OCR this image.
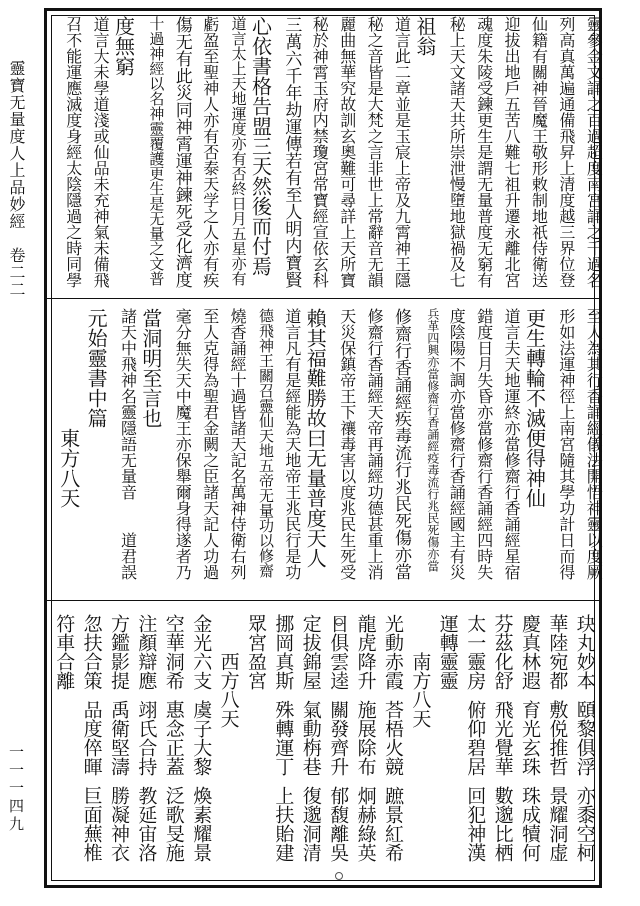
靈寶无量度人上品妙經　卷二二
一一一四九
靈參金文誦之百過超度南宮誦之千過名
列高真萬遍通備飛昇上清度越三界位登
仙籍有關神晉魔王敬形敕制地祇侍衛送
迎拔出地戶五苦八難七祖升遷永離北宮
魂度朱陵受鍊更生是謂无量普度无窮有
秘上天文諸天共所崇泄慢墮地獄禍及七
祖翁
道言此二章並是玉宸上帝及九霄神王隱
秘之音皆是大梵之言非世上常辭音无韻
麗曲無華究故訓玄奧難可尋詳上天所寶
秘於神霄玉府内禁瓊宮常寶經宣依玄科
三萬六千年劫運傳若有至人明内寶賢
心依書格告盟三天然後而付焉
道言太上天地運度亦有否終日月五星亦有
虧盈至聖神人亦有否泰天学之人亦有疾
傷无有此災同神霄運神鍊死受化濟度
十過神經以名神靈覆護更生是无量之文普
度無窮
道言大未學道淺或仙品未充神氣未備飛
召不能運應滅度身經太陰隱過之時同學
至人為其行香誦經儀法開悟神靈以度厥
形如法運神徑上南宮隨其學功計日而得
更生轉輪不滅便得神仙
道言夫天地運終亦當修齋行香誦經星宿
錯度日月失昏亦當修齋行香誦經四時失
度陰陽不調亦當修齋行香誦經國主有災
兵革四興亦當修齋行香誦經疫毒流行兆民死傷亦當
修齋行香誦經疾毒流行兆民死傷亦當
修齋行香誦經天帝再誦經功德甚重上消
天災保鎮帝王下禳毒害以度兆民生死受
賴其福難勝故曰无量普度天人
道言凡有是經能為天地帝王兆民行是功
德飛神王關召靈仙天地五帝无量功以修齋
燒香誦經十過皆諸天記名萬神侍衛右列
至人克得為聖君金闕之臣諸天記人功過
毫分無失天中魔王亦保舉爾身得遂者乃
當洞明至言也
諸天中飛神名靈隱語无量音　　道君誤
元始靈書中篇
　　　　　　東方八天
玦丸妙本
頤黎俱浮
亦黍空柯
華陸宛都
敷侻推哲
景耀洞虚
慶真林遐
育光玄珠
珠成犢何
芬茲化舒
飛光覺華
數邈比栖
太一靈房
俯仰碧居
回犯神漢
運轉靈靈
　　南方八天
光動赤霞
荅梧火競
蹠景紅希
龍虎降升
施展除布
炯赫綠英
日俱雲逵
關發齊升
郁馥離吳
定拔錦屋
氣動栴巷
復邈洞清
挪岡真斯
殊轉運丁
上扶貽建
眾宮盈宮
　　西方八天
金光六支
虞子大黎
煥素耀景
空華洞希
惠念正蓋
泛歌旻施
注顏辯應
翊氏合持
教延宙洛
方鑑影提
禹衛堅濤
勝凝神衣
忽扶合策
品度倅暉
巨面蕪椎
符車合離
